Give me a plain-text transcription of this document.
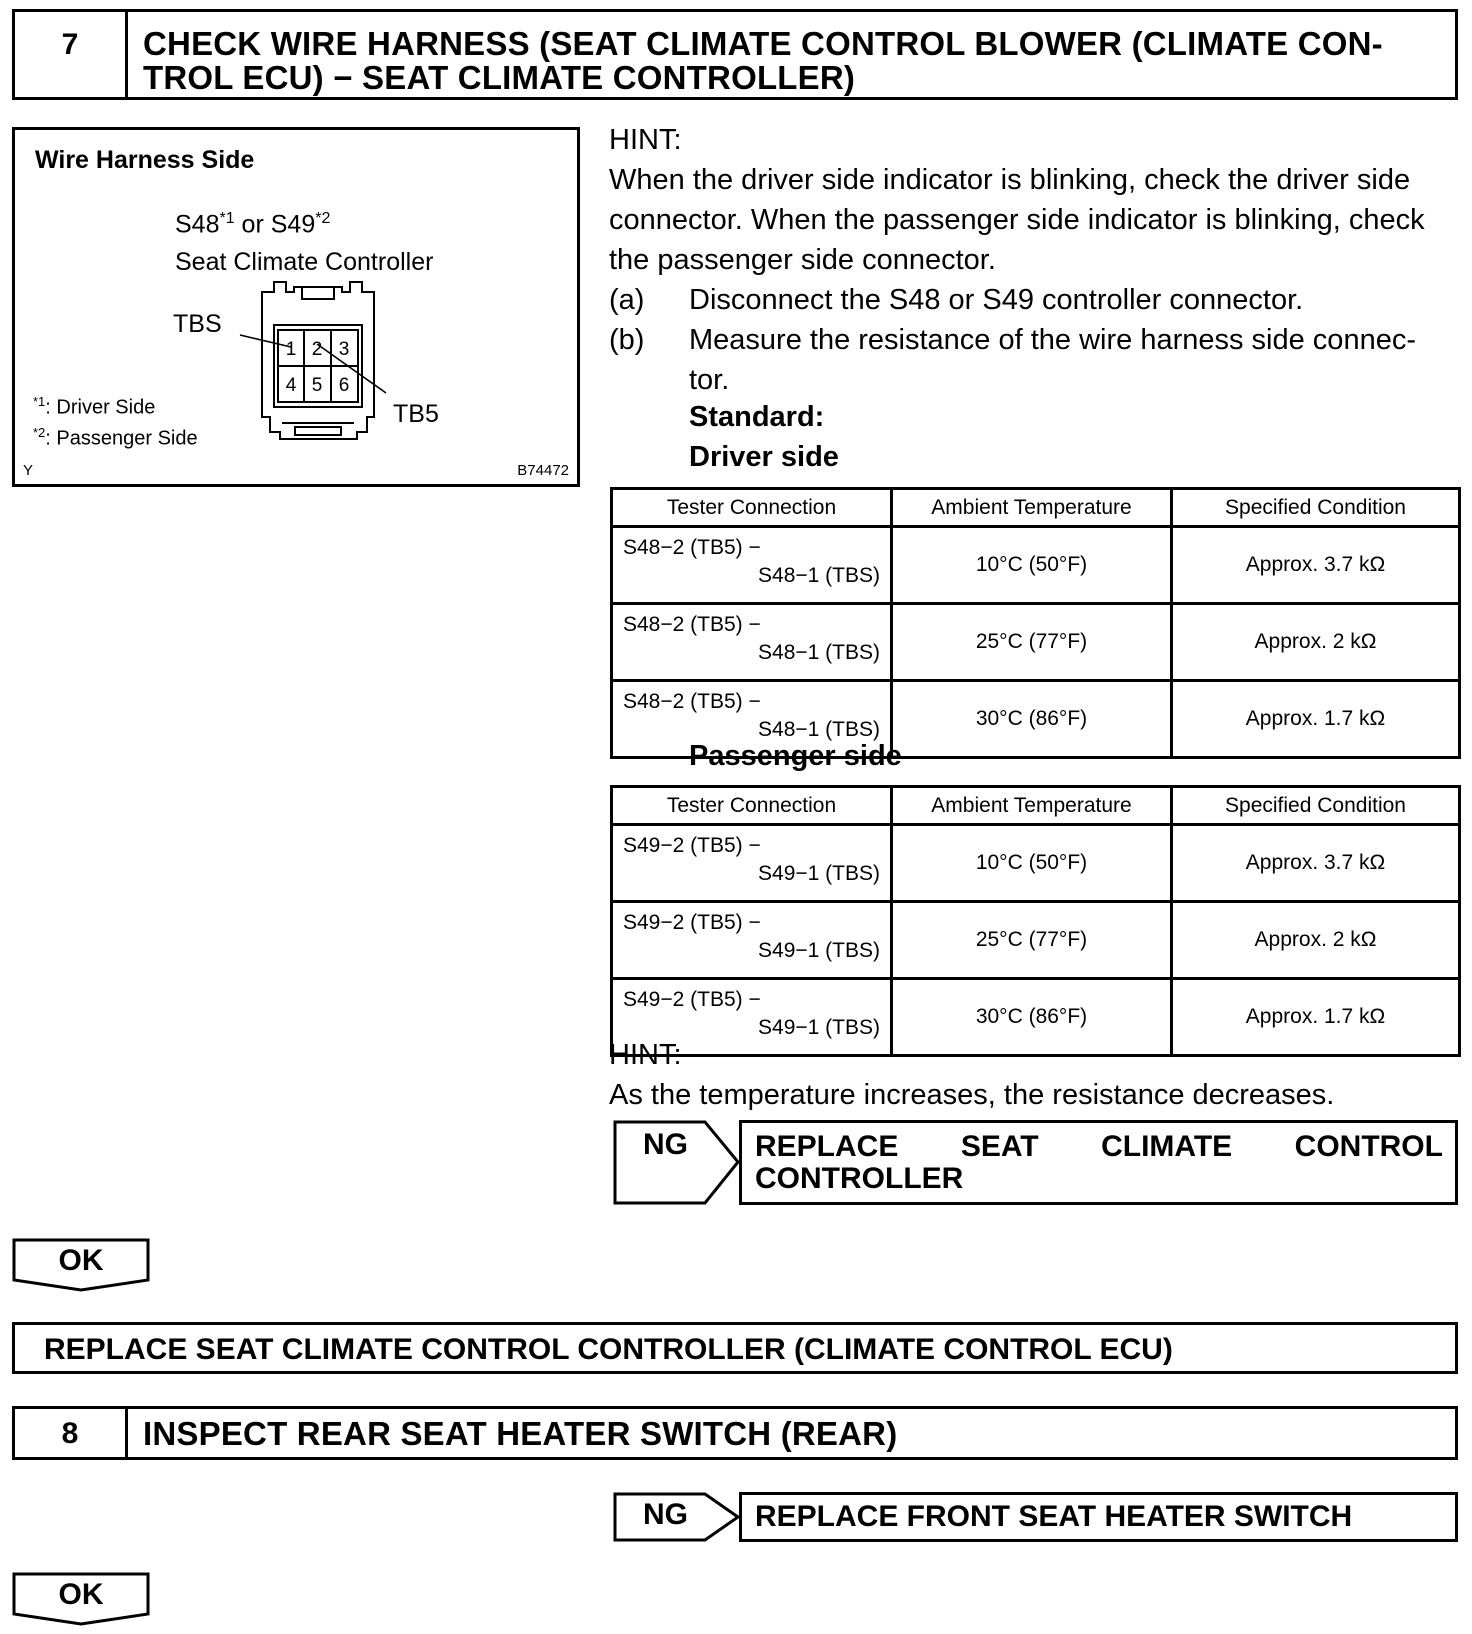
7	CHECK WIRE HARNESS (SEAT CLIMATE CONTROL BLOWER (CLIMATE CON-
TROL ECU) − SEAT CLIMATE CONTROLLER)
Wire Harness Side
S48$^{*1}$ or S49$^{*2}$
Seat Climate Controller
TBS
TB5
1 2 3
4 5 6
$^{*1}$: Driver Side
$^{*2}$: Passenger Side
Y	B74472
HINT:
When the driver side indicator is blinking, check the driver side
connector. When the passenger side indicator is blinking, check
the passenger side connector.
(a) Disconnect the S48 or S49 controller connector.
(b) Measure the resistance of the wire harness side connec-
tor.
Standard:
Driver side
Tester Connection	Ambient Temperature	Specified Condition

S48−2 (TB5) −
S48−1 (TBS)	10°C (50°F)	Approx. 3.7 kΩ

S48−2 (TB5) −
S48−1 (TBS)	25°C (77°F)	Approx. 2 kΩ

S48−2 (TB5) −
S48−1 (TBS)	30°C (86°F)	Approx. 1.7 kΩ
Passenger side
Tester Connection	Ambient Temperature	Specified Condition

S49−2 (TB5) −
S49−1 (TBS)	10°C (50°F)	Approx. 3.7 kΩ

S49−2 (TB5) −
S49−1 (TBS)	25°C (77°F)	Approx. 2 kΩ

S49−2 (TB5) −
S49−1 (TBS)	30°C (86°F)	Approx. 1.7 kΩ
HINT:
As the temperature increases, the resistance decreases.
NG REPLACE SEAT CLIMATE CONTROL
CONTROLLER
OK
REPLACE SEAT CLIMATE CONTROL CONTROLLER (CLIMATE CONTROL ECU)
8	INSPECT REAR SEAT HEATER SWITCH (REAR)
NG	REPLACE FRONT SEAT HEATER SWITCH
OK
